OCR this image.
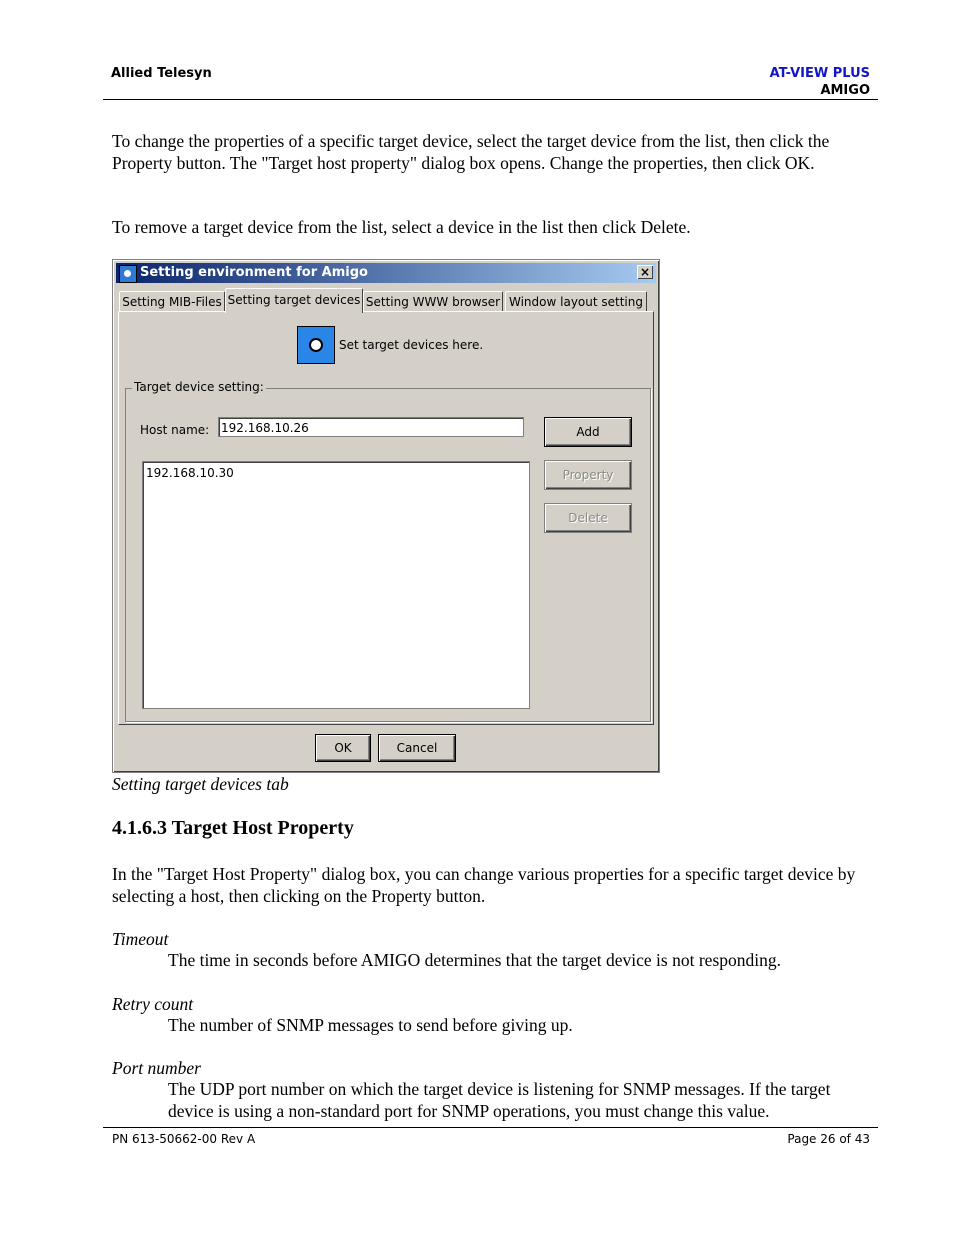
Allied Telesyn	AT-VIEW PLUS
AMIGO
To change the properties of a specific target device, select the target device from the list, then click the Property button. The "Target host property" dialog box opens. Change the properties, then click OK.
To remove a target device from the list, select a device in the list then click Delete.
Setting environment for Amigo	×
Setting MIB-Files Setting target devices Setting WWW browser Window layout setting
Set target devices here.
Target device setting:
Host name: 192.168.10.26
192.168.10.30
Add
Property
Delete
OK	Cancel
Setting target devices tab
4.1.6.3 Target Host Property
In the "Target Host Property" dialog box, you can change various properties for a specific target device by selecting a host, then clicking on the Property button.
Timeout
The time in seconds before AMIGO determines that the target device is not responding.
Retry count
The number of SNMP messages to send before giving up.
Port number
The UDP port number on which the target device is listening for SNMP messages. If the target device is using a non-standard port for SNMP operations, you must change this value.
PN 613-50662-00 Rev A	Page 26 of 43
